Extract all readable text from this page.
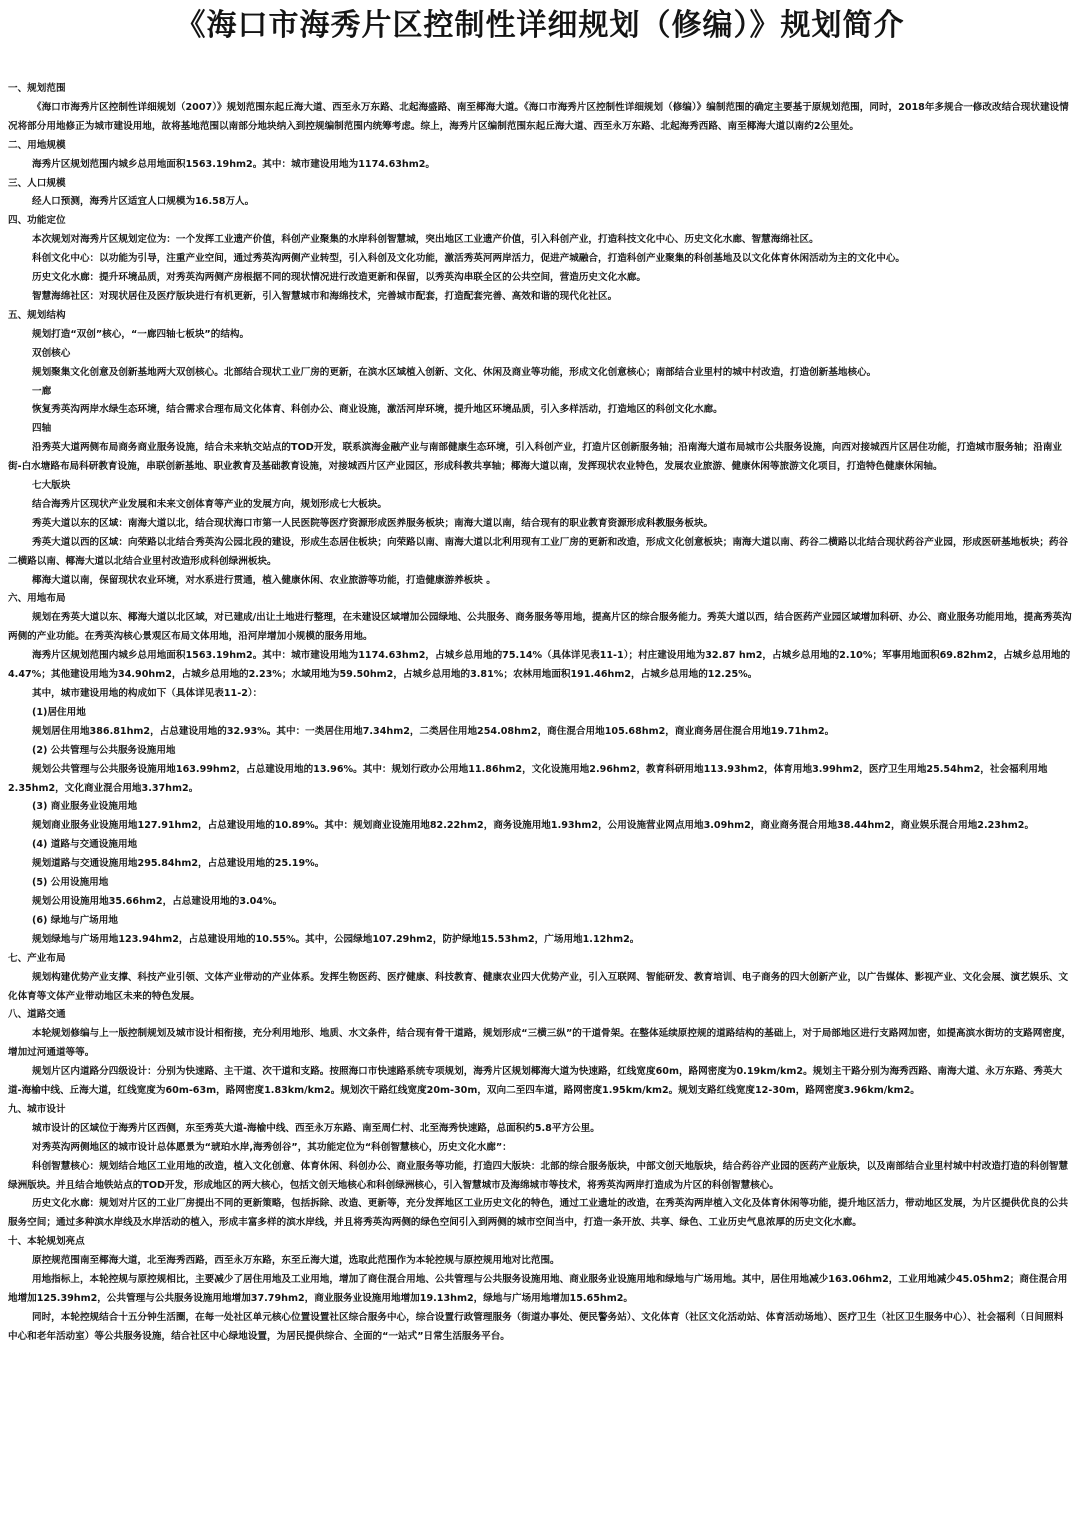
《海口市海秀片区控制性详细规划（修编）》规划简介

一、规划范围

《海口市海秀片区控制性详细规划（2007）》规划范围东起丘海大道、西至永万东路、北起海盛路、南至椰海大道。《海口市海秀片区控制性详细规划（修编）》编制范围的确定主要基于原规划范围，同时，2018年多规合一修改改结合现状建设情况将部分用地修正为城市建设用地，故将基地范围以南部分地块纳入到控规编制范围内统筹考虑。综上，海秀片区编制范围东起丘海大道、西至永万东路、北起海秀西路、南至椰海大道以南约2公里处。

二、用地规模

海秀片区规划范围内城乡总用地面积1563.19hm2。其中：城市建设用地为1174.63hm2。

三、人口规模

经人口预测，海秀片区适宜人口规模为16.58万人。

四、功能定位

本次规划对海秀片区规划定位为：一个发挥工业遗产价值，科创产业聚集的水岸科创智慧城，突出地区工业遗产价值，引入科创产业，打造科技文化中心、历史文化水廊、智慧海绵社区。

科创文化中心：以功能为引导，注重产业空间，通过秀英沟两侧产业转型，引入科创及文化功能，激活秀英河两岸活力，促进产城融合，打造科创产业聚集的科创基地及以文化体育休闲活动为主的文化中心。

历史文化水廊：提升环境品质，对秀英沟两侧产房根据不同的现状情况进行改造更新和保留，以秀英沟串联全区的公共空间，营造历史文化水廊。

智慧海绵社区：对现状居住及医疗版块进行有机更新，引入智慧城市和海绵技术，完善城市配套，打造配套完善、高效和谐的现代化社区。

五、规划结构

规划打造“双创”核心，“一廊四轴七板块”的结构。

双创核心

规划聚集文化创意及创新基地两大双创核心。北部结合现状工业厂房的更新，在滨水区域植入创新、文化、休闲及商业等功能，形成文化创意核心；南部结合业里村的城中村改造，打造创新基地核心。

一廊

恢复秀英沟两岸水绿生态环境，结合需求合理布局文化体育、科创办公、商业设施，激活河岸环境，提升地区环境品质，引入多样活动，打造地区的科创文化水廊。

四轴

沿秀英大道两侧布局商务商业服务设施，结合未来轨交站点的TOD开发，联系滨海金融产业与南部健康生态环境，引入科创产业，打造片区创新服务轴；沿南海大道布局城市公共服务设施，向西对接城西片区居住功能，打造城市服务轴；沿南业街-白水塘路布局科研教育设施，串联创新基地、职业教育及基础教育设施，对接城西片区产业园区，形成科教共享轴；椰海大道以南，发挥现状农业特色，发展农业旅游、健康休闲等旅游文化项目，打造特色健康休闲轴。

七大版块

结合海秀片区现状产业发展和未来文创体育等产业的发展方向，规划形成七大板块。

秀英大道以东的区域：南海大道以北，结合现状海口市第一人民医院等医疗资源形成医养服务板块；南海大道以南，结合现有的职业教育资源形成科教服务板块。

秀英大道以西的区域：向荣路以北结合秀英沟公园北段的建设，形成生态居住板块；向荣路以南、南海大道以北利用现有工业厂房的更新和改造，形成文化创意板块；南海大道以南、药谷二横路以北结合现状药谷产业园，形成医研基地板块；药谷二横路以南、椰海大道以北结合业里村改造形成科创绿洲板块。

椰海大道以南，保留现状农业环境，对水系进行贯通，植入健康休闲、农业旅游等功能，打造健康游养板块 。

六、用地布局

规划在秀英大道以东、椰海大道以北区域，对已建成/出让土地进行整理，在未建设区域增加公园绿地、公共服务、商务服务等用地，提高片区的综合服务能力。秀英大道以西，结合医药产业园区域增加科研、办公、商业服务功能用地，提高秀英沟两侧的产业功能。在秀英沟核心景观区布局文体用地，沿河岸增加小规模的服务用地。

海秀片区规划范围内城乡总用地面积1563.19hm2。其中：城市建设用地为1174.63hm2，占城乡总用地的75.14%（具体详见表11-1）；村庄建设用地为32.87 hm2，占城乡总用地的2.10%；军事用地面积69.82hm2，占城乡总用地的4.47%；其他建设用地为34.90hm2，占城乡总用地的2.23%；水域用地为59.50hm2，占城乡总用地的3.81%；农林用地面积191.46hm2，占城乡总用地的12.25%。

其中，城市建设用地的构成如下（具体详见表11-2）：

(1)居住用地

规划居住用地386.81hm2，占总建设用地的32.93%。其中：一类居住用地7.34hm2，二类居住用地254.08hm2，商住混合用地105.68hm2，商业商务居住混合用地19.71hm2。

(2) 公共管理与公共服务设施用地

规划公共管理与公共服务设施用地163.99hm2，占总建设用地的13.96%。其中：规划行政办公用地11.86hm2，文化设施用地2.96hm2，教育科研用地113.93hm2，体育用地3.99hm2，医疗卫生用地25.54hm2，社会福利用地2.35hm2，文化商业混合用地3.37hm2。

(3) 商业服务业设施用地

规划商业服务业设施用地127.91hm2，占总建设用地的10.89%。其中：规划商业设施用地82.22hm2，商务设施用地1.93hm2，公用设施营业网点用地3.09hm2，商业商务混合用地38.44hm2，商业娱乐混合用地2.23hm2。

(4) 道路与交通设施用地

规划道路与交通设施用地295.84hm2，占总建设用地的25.19%。

(5) 公用设施用地

规划公用设施用地35.66hm2，占总建设用地的3.04%。

(6) 绿地与广场用地

规划绿地与广场用地123.94hm2，占总建设用地的10.55%。其中，公园绿地107.29hm2，防护绿地15.53hm2，广场用地1.12hm2。

七、产业布局

规划构建优势产业支撑、科技产业引领、文体产业带动的产业体系。发挥生物医药、医疗健康、科技教育、健康农业四大优势产业，引入互联网、智能研发、教育培训、电子商务的四大创新产业，以广告媒体、影视产业、文化会展、演艺娱乐、文化体育等文体产业带动地区未来的特色发展。

八、道路交通

本轮规划修编与上一版控制规划及城市设计相衔接，充分利用地形、地质、水文条件，结合现有骨干道路，规划形成“三横三纵”的干道骨架。在整体延续原控规的道路结构的基础上，对于局部地区进行支路网加密，如提高滨水街坊的支路网密度，增加过河通道等等。

规划片区内道路分四级设计：分别为快速路、主干道、次干道和支路。按照海口市快速路系统专项规划，海秀片区规划椰海大道为快速路，红线宽度60m，路网密度为0.19km/km2。规划主干路分别为海秀西路、南海大道、永万东路、秀英大道-海榆中线、丘海大道，红线宽度为60m-63m，路网密度1.83km/km2。规划次干路红线宽度20m-30m，双向二至四车道，路网密度1.95km/km2。规划支路红线宽度12-30m，路网密度3.96km/km2。

九、城市设计

城市设计的区域位于海秀片区西侧，东至秀英大道-海榆中线、西至永万东路、南至周仁村、北至海秀快速路，总面积约5.8平方公里。

对秀英沟两侧地区的城市设计总体愿景为“琥珀水岸,海秀创谷”，其功能定位为“科创智慧核心，历史文化水廊”：

科创智慧核心：规划结合地区工业用地的改造，植入文化创意、体育休闲、科创办公、商业服务等功能，打造四大版块：北部的综合服务版块，中部文创天地版块，结合药谷产业园的医药产业版块，以及南部结合业里村城中村改造打造的科创智慧绿洲版块。并且结合地铁站点的TOD开发，形成地区的两大核心，包括文创天地核心和科创绿洲核心，引入智慧城市及海绵城市等技术，将秀英沟两岸打造成为片区的科创智慧核心。

历史文化水廊：规划对片区的工业厂房提出不同的更新策略，包括拆除、改造、更新等，充分发挥地区工业历史文化的特色，通过工业遗址的改造，在秀英沟两岸植入文化及体育休闲等功能，提升地区活力，带动地区发展，为片区提供优良的公共服务空间；通过多种滨水岸线及水岸活动的植入，形成丰富多样的滨水岸线，并且将秀英沟两侧的绿色空间引入到两侧的城市空间当中，打造一条开放、共享、绿色、工业历史气息浓厚的历史文化水廊。

十、本轮规划亮点

原控规范围南至椰海大道，北至海秀西路，西至永万东路，东至丘海大道，选取此范围作为本轮控规与原控规用地对比范围。

用地指标上，本轮控规与原控规相比，主要减少了居住用地及工业用地，增加了商住混合用地、公共管理与公共服务设施用地、商业服务业设施用地和绿地与广场用地。其中，居住用地减少163.06hm2，工业用地减少45.05hm2；商住混合用地增加125.39hm2，公共管理与公共服务设施用地增加37.79hm2，商业服务业设施用地增加19.13hm2，绿地与广场用地增加15.65hm2。

同时，本轮控规结合十五分钟生活圈，在每一处社区单元核心位置设置社区综合服务中心，综合设置行政管理服务（街道办事处、便民警务站）、文化体育（社区文化活动站、体育活动场地）、医疗卫生（社区卫生服务中心）、社会福利（日间照料中心和老年活动室）等公共服务设施，结合社区中心绿地设置，为居民提供综合、全面的“一站式”日常生活服务平台。
